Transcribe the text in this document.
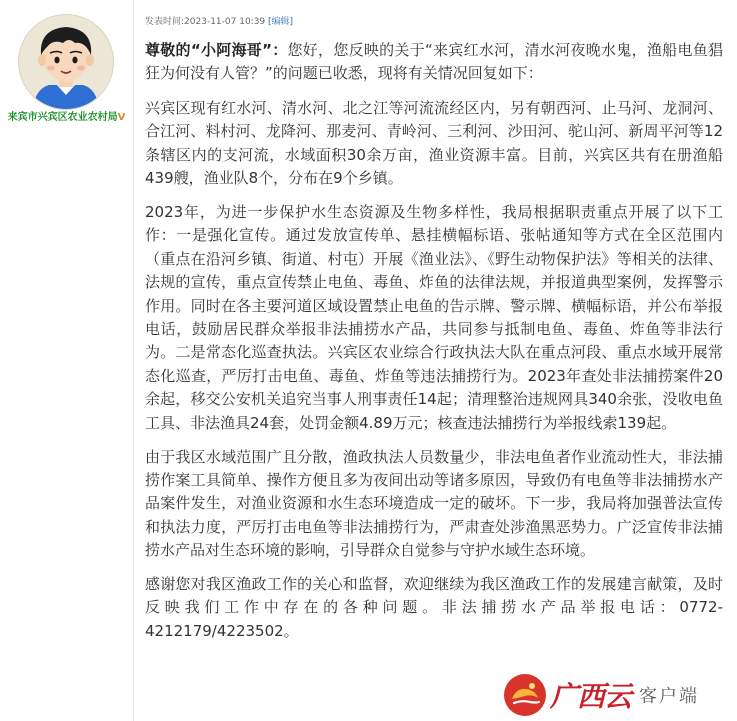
来宾市兴宾区农业农村局V
发表时间:2023-11-07 10:39 [编辑]

尊敬的“小阿海哥”：您好，您反映的关于“来宾红水河，清水河夜晚水鬼，渔船电鱼猖狂为何没有人管？”的问题已收悉，现将有关情况回复如下：

兴宾区现有红水河、清水河、北之江等河流流经区内，另有朝西河、止马河、龙洞河、合江河、料村河、龙降河、那麦河、青岭河、三利河、沙田河、驼山河、新周平河等12条辖区内的支河流，水域面积30余万亩，渔业资源丰富。目前，兴宾区共有在册渔船439艘，渔业队8个，分布在9个乡镇。

2023年，为进一步保护水生态资源及生物多样性，我局根据职责重点开展了以下工作：一是强化宣传。通过发放宣传单、悬挂横幅标语、张帖通知等方式在全区范围内（重点在沿河乡镇、街道、村屯）开展《渔业法》、《野生动物保护法》等相关的法律、法规的宣传，重点宣传禁止电鱼、毒鱼、炸鱼的法律法规，并报道典型案例，发挥警示作用。同时在各主要河道区域设置禁止电鱼的告示牌、警示牌、横幅标语，并公布举报电话，鼓励居民群众举报非法捕捞水产品，共同参与抵制电鱼、毒鱼、炸鱼等非法行为。二是常态化巡查执法。兴宾区农业综合行政执法大队在重点河段、重点水域开展常态化巡查，严厉打击电鱼、毒鱼、炸鱼等违法捕捞行为。2023年查处非法捕捞案件20余起，移交公安机关追究当事人刑事责任14起；清理整治违规网具340余张，没收电鱼工具、非法渔具24套，处罚金额4.89万元；核查违法捕捞行为举报线索139起。

由于我区水域范围广且分散，渔政执法人员数量少，非法电鱼者作业流动性大，非法捕捞作案工具简单、操作方便且多为夜间出动等诸多原因，导致仍有电鱼等非法捕捞水产品案件发生，对渔业资源和水生态环境造成一定的破坏。下一步，我局将加强普法宣传和执法力度，严厉打击电鱼等非法捕捞行为，严肃查处涉渔黑恶势力。广泛宣传非法捕捞水产品对生态环境的影响，引导群众自觉参与守护水域生态环境。

感谢您对我区渔政工作的关心和监督，欢迎继续为我区渔政工作的发展建言献策，及时反映我们工作中存在的各种问题。非法捕捞水产品举报电话：0772-4212179/4223502。

广西云 客户端
